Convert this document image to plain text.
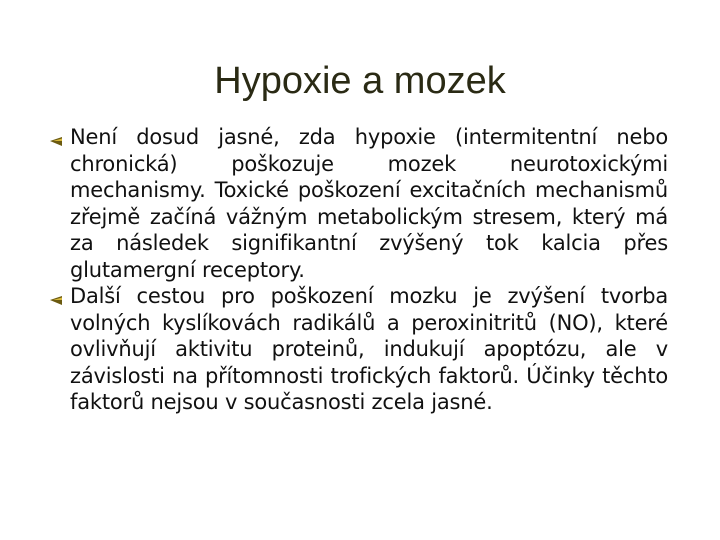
Hypoxie a mozek
Není dosud jasné, zda hypoxie (intermitentní nebo chronická) poškozuje mozek neurotoxickými mechanismy. Toxické poškození excitačních mechanismů zřejmě začíná vážným metabolickým stresem, který má za následek signifikantní zvýšený tok kalcia přes glutamergní receptory.
Další cestou pro poškození mozku je zvýšení tvorba volných kyslíkovách radikálů a peroxinitritů (NO), které ovlivňují aktivitu proteinů, indukují apoptózu, ale v závislosti na přítomnosti trofických faktorů. Účinky těchto faktorů nejsou v současnosti zcela jasné.
